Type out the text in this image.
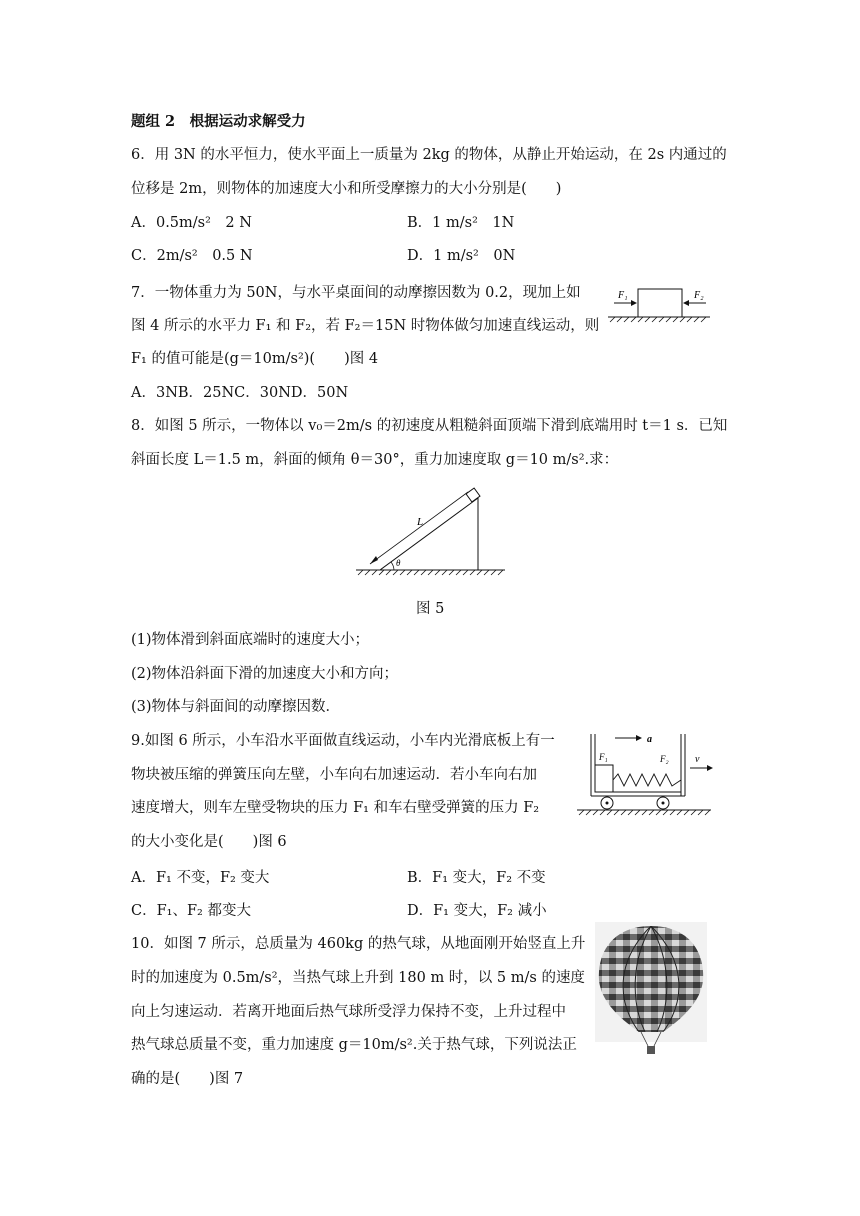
题组 2　根据运动求解受力
6．用 3N 的水平恒力，使水平面上一质量为 2kg 的物体，从静止开始运动，在 2s 内通过的
位移是 2m，则物体的加速度大小和所受摩擦力的大小分别是(　　)
A．0.5m/s²　2 N	B．1 m/s²　1N
C．2m/s²　0.5 N	D．1 m/s²　0N
7．一物体重力为 50N，与水平桌面间的动摩擦因数为 0.2，现加上如
图 4 所示的水平力 F₁ 和 F₂，若 F₂＝15N 时物体做匀加速直线运动，则
F₁ 的值可能是(g＝10m/s²)(　　)图 4
A．3NB．25NC．30ND．50N
F₁	F₂
8．如图 5 所示，一物体以 v₀＝2m/s 的初速度从粗糙斜面顶端下滑到底端用时 t＝1 s．已知
斜面长度 L＝1.5 m，斜面的倾角 θ＝30°，重力加速度取 g＝10 m/s².求：
L
θ
图 5
(1)物体滑到斜面底端时的速度大小；
(2)物体沿斜面下滑的加速度大小和方向；
(3)物体与斜面间的动摩擦因数．
9.如图 6 所示，小车沿水平面做直线运动，小车内光滑底板上有一
物块被压缩的弹簧压向左壁，小车向右加速运动．若小车向右加
速度增大，则车左壁受物块的压力 F₁ 和车右壁受弹簧的压力 F₂
的大小变化是(　　)图 6
a
v
F₁	F₂
A．F₁ 不变，F₂ 变大	B．F₁ 变大，F₂ 不变
C．F₁、F₂ 都变大	D．F₁ 变大，F₂ 减小
10．如图 7 所示，总质量为 460kg 的热气球，从地面刚开始竖直上升
时的加速度为 0.5m/s²，当热气球上升到 180 m 时，以 5 m/s 的速度
向上匀速运动．若离开地面后热气球所受浮力保持不变，上升过程中
热气球总质量不变，重力加速度 g＝10m/s².关于热气球，下列说法正
确的是(　　)图 7
